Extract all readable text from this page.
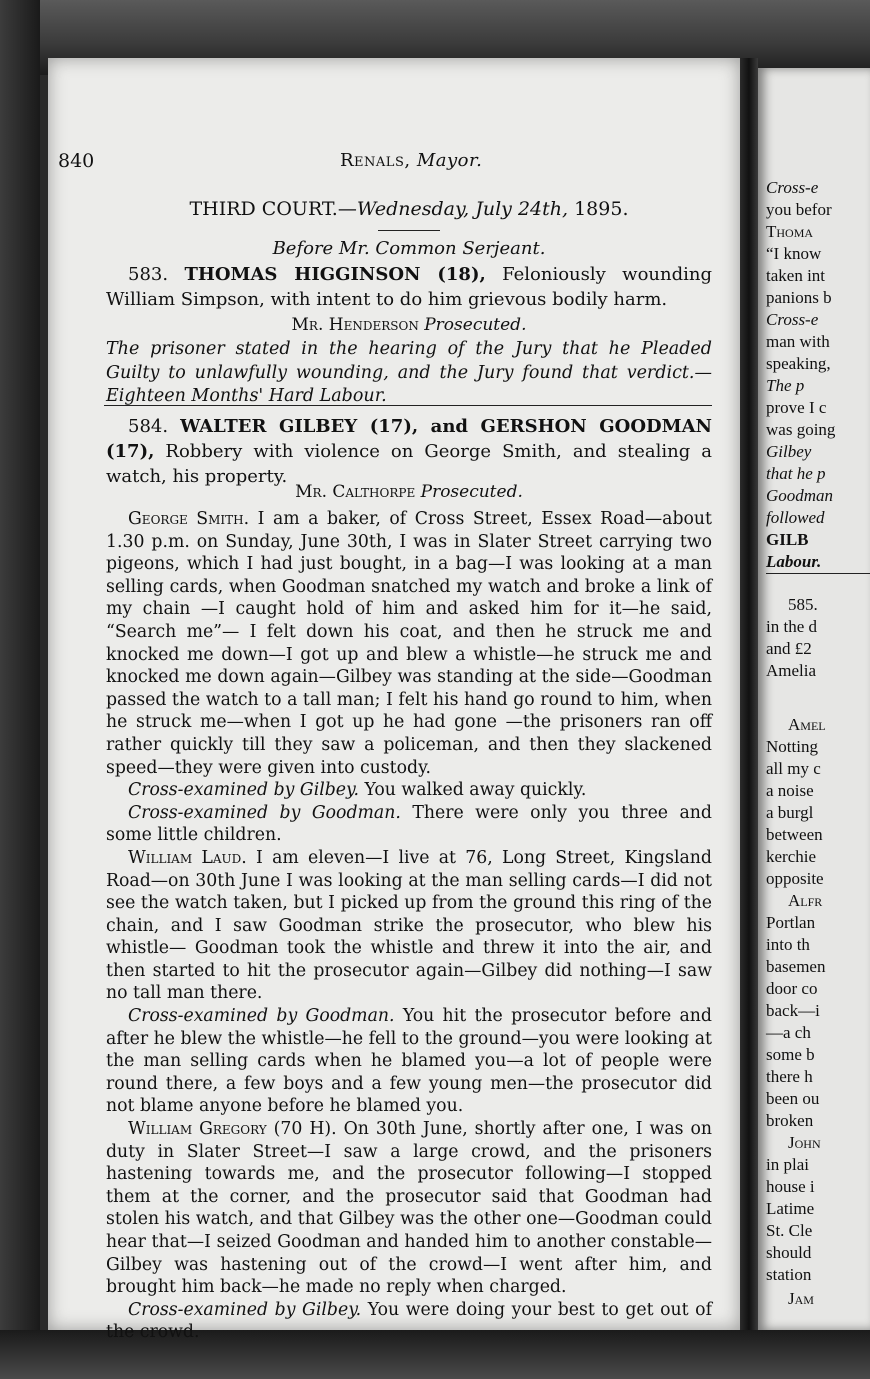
840	Renals, Mayor.
THIRD COURT.—Wednesday, July 24th, 1895.
Before Mr. Common Serjeant.
583. THOMAS HIGGINSON (18), Feloniously wounding William Simpson, with intent to do him grievous bodily harm.
Mr. Henderson Prosecuted.
The prisoner stated in the hearing of the Jury that he Pleaded Guilty to unlawfully wounding, and the Jury found that verdict.—Eighteen Months' Hard Labour.
584. WALTER GILBEY (17), and GERSHON GOODMAN (17), Robbery with violence on George Smith, and stealing a watch, his property.
Mr. Calthorpe Prosecuted.

George Smith. I am a baker, of Cross Street, Essex Road—about 1.30 p.m. on Sunday, June 30th, I was in Slater Street carrying two pigeons, which I had just bought, in a bag—I was looking at a man selling cards, when Goodman snatched my watch and broke a link of my chain —I caught hold of him and asked him for it—he said, “Search me”— I felt down his coat, and then he struck me and knocked me down—I got up and blew a whistle—he struck me and knocked me down again—Gilbey was standing at the side—Goodman passed the watch to a tall man; I felt his hand go round to him, when he struck me—when I got up he had gone —the prisoners ran off rather quickly till they saw a policeman, and then they slackened speed—they were given into custody.

Cross-examined by Gilbey. You walked away quickly.

Cross-examined by Goodman. There were only you three and some little children.

William Laud. I am eleven—I live at 76, Long Street, Kingsland Road—on 30th June I was looking at the man selling cards—I did not see the watch taken, but I picked up from the ground this ring of the chain, and I saw Goodman strike the prosecutor, who blew his whistle— Goodman took the whistle and threw it into the air, and then started to hit the prosecutor again—Gilbey did nothing—I saw no tall man there.

Cross-examined by Goodman. You hit the prosecutor before and after he blew the whistle—he fell to the ground—you were looking at the man selling cards when he blamed you—a lot of people were round there, a few boys and a few young men—the prosecutor did not blame anyone before he blamed you.

William Gregory (70 H). On 30th June, shortly after one, I was on duty in Slater Street—I saw a large crowd, and the prisoners hastening towards me, and the prosecutor following—I stopped them at the corner, and the prosecutor said that Goodman had stolen his watch, and that Gilbey was the other one—Goodman could hear that—I seized Goodman and handed him to another constable—Gilbey was hastening out of the crowd—I went after him, and brought him back—he made no reply when charged.

Cross-examined by Gilbey. You were doing your best to get out of the crowd.

Cross-e
you befor
Thoma
“I know
taken int
panions b
Cross-e
man with
speaking,
The p
prove I c
was going
Gilbey
that he p
Goodman
followed
GILB
Labour.
585.
in the d
and £2
Amelia
Amel
Notting
all my c
a noise
a burgl
between
kerchie
opposite
Alfr
Portlan
into th
basemen
door co
back—i
—a ch
some b
there h
been ou
broken
John
in plai
house i
Latime
St. Cle
should
station
Jam
